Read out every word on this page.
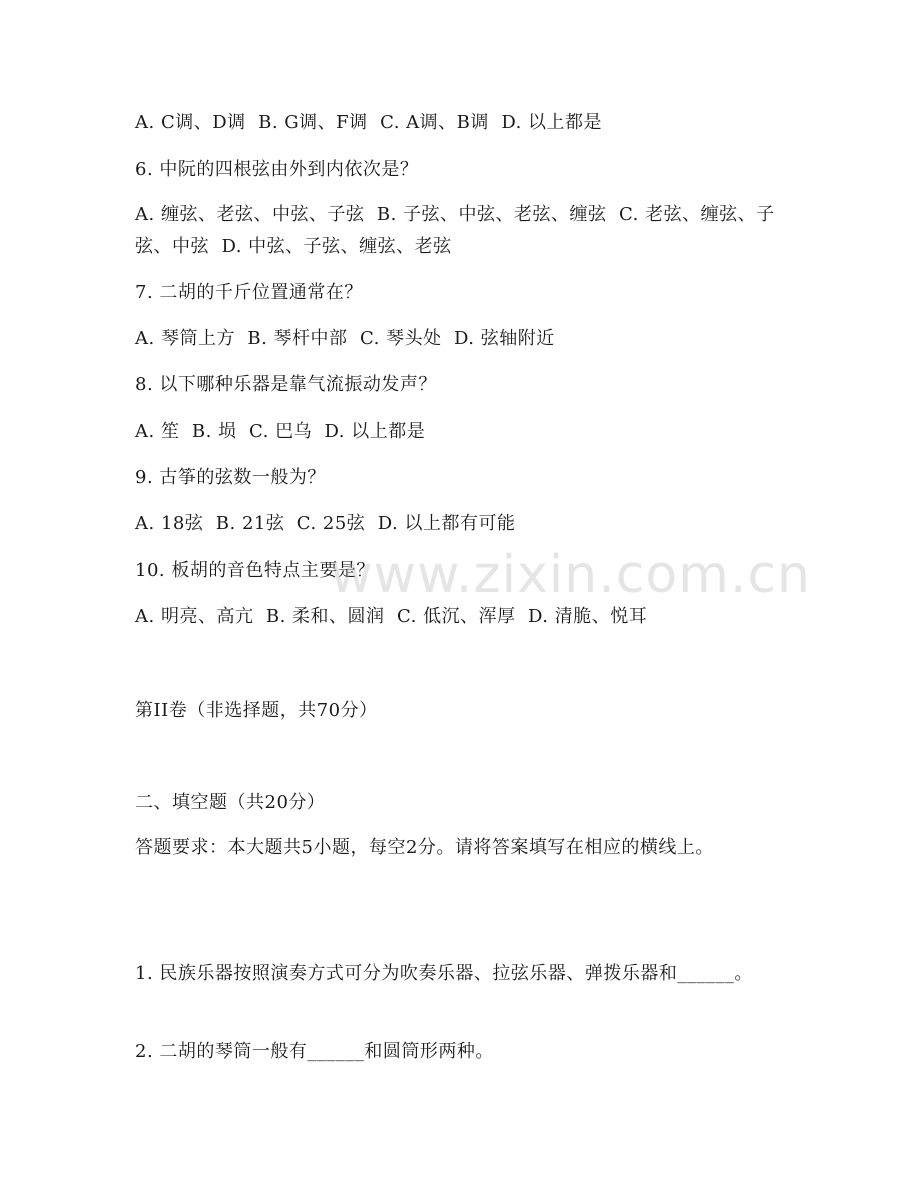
A. C调、D调  B. G调、F调  C. A调、B调  D. 以上都是
6. 中阮的四根弦由外到内依次是？
A. 缠弦、老弦、中弦、子弦  B. 子弦、中弦、老弦、缠弦  C. 老弦、缠弦、子弦、中弦  D. 中弦、子弦、缠弦、老弦
7. 二胡的千斤位置通常在？
A. 琴筒上方  B. 琴杆中部  C. 琴头处  D. 弦轴附近
8. 以下哪种乐器是靠气流振动发声？
A. 笙  B. 埙  C. 巴乌  D. 以上都是
9. 古筝的弦数一般为？
A. 18弦  B. 21弦  C. 25弦  D. 以上都有可能
10. 板胡的音色特点主要是？
A. 明亮、高亢  B. 柔和、圆润  C. 低沉、浑厚  D. 清脆、悦耳
第II卷（非选择题，共70分）
二、填空题（共20分）
答题要求：本大题共5小题，每空2分。请将答案填写在相应的横线上。
1. 民族乐器按照演奏方式可分为吹奏乐器、拉弦乐器、弹拨乐器和______。
2. 二胡的琴筒一般有______和圆筒形两种。
www.zixin.com.cn
